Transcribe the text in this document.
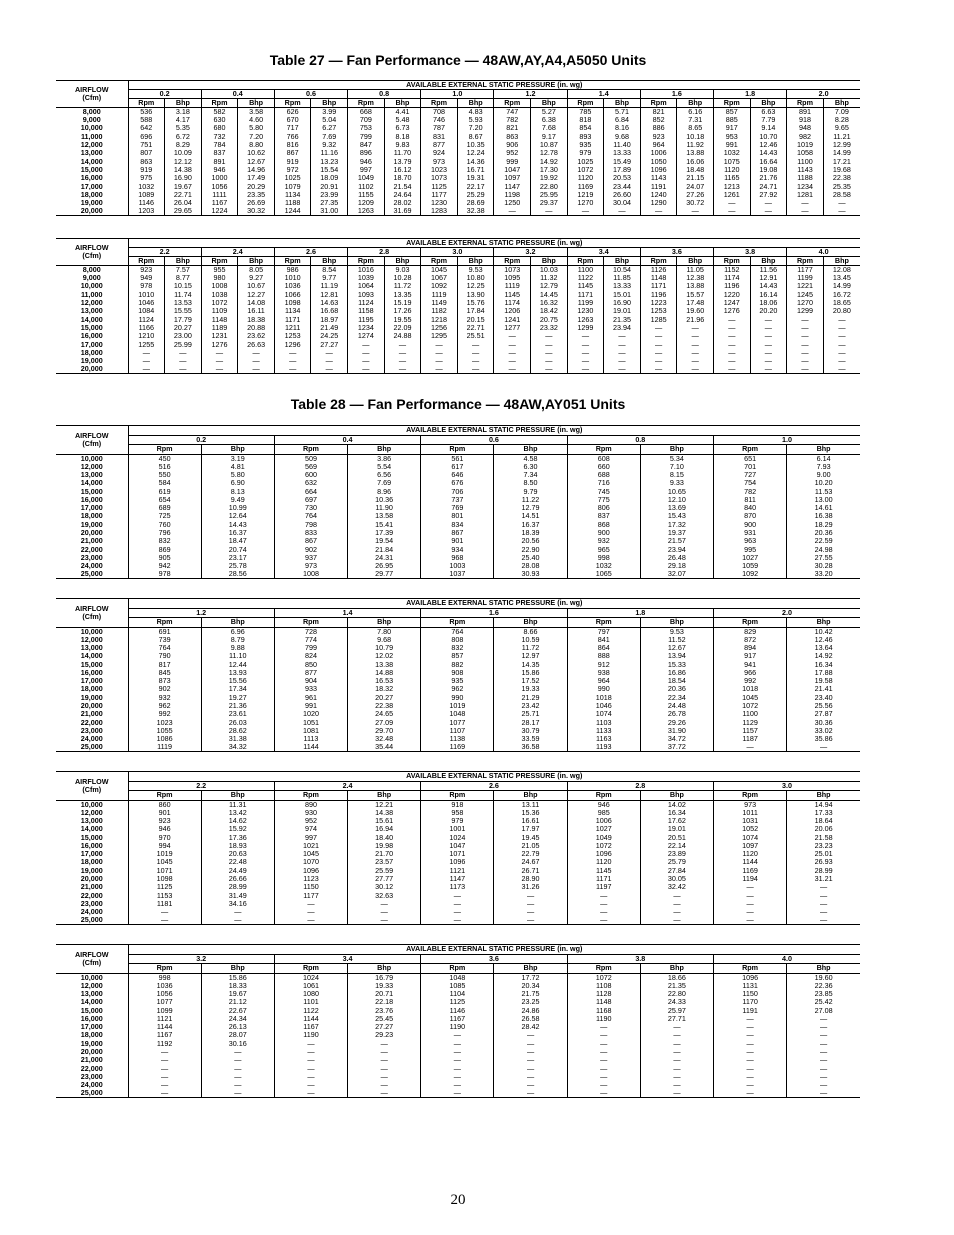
Table 27 — Fan Performance — 48AW,AY,A4,A5050 Units
AIRFLOW
(Cfm)	AVAILABLE EXTERNAL STATIC PRESSURE (in. wg)																			
	0.2		0.4		0.6		0.8		1.0		1.2		1.4		1.6		1.8		2.0	
	Rpm	Bhp	Rpm	Bhp	Rpm	Bhp	Rpm	Bhp	Rpm	Bhp	Rpm	Bhp	Rpm	Bhp	Rpm	Bhp	Rpm	Bhp	Rpm	Bhp
8,000	536	3.18	582	3.58	626	3.99	668	4.41	708	4.83	747	5.27	785	5.71	821	6.16	857	6.63	891	7.09
9,000	588	4.17	630	4.60	670	5.04	709	5.48	746	5.93	782	6.38	818	6.84	852	7.31	885	7.79	918	8.28
10,000	642	5.35	680	5.80	717	6.27	753	6.73	787	7.20	821	7.68	854	8.16	886	8.65	917	9.14	948	9.65
11,000	696	6.72	732	7.20	766	7.69	799	8.18	831	8.67	863	9.17	893	9.68	923	10.18	953	10.70	982	11.21
12,000	751	8.29	784	8.80	816	9.32	847	9.83	877	10.35	906	10.87	935	11.40	964	11.92	991	12.46	1019	12.99
13,000	807	10.09	837	10.62	867	11.16	896	11.70	924	12.24	952	12.78	979	13.33	1006	13.88	1032	14.43	1058	14.99
14,000	863	12.12	891	12.67	919	13.23	946	13.79	973	14.36	999	14.92	1025	15.49	1050	16.06	1075	16.64	1100	17.21
15,000	919	14.38	946	14.96	972	15.54	997	16.12	1023	16.71	1047	17.30	1072	17.89	1096	18.48	1120	19.08	1143	19.68
16,000	975	16.90	1000	17.49	1025	18.09	1049	18.70	1073	19.31	1097	19.92	1120	20.53	1143	21.15	1165	21.76	1188	22.38
17,000	1032	19.67	1056	20.29	1079	20.91	1102	21.54	1125	22.17	1147	22.80	1169	23.44	1191	24.07	1213	24.71	1234	25.35
18,000	1089	22.71	1111	23.35	1134	23.99	1155	24.64	1177	25.29	1198	25.95	1219	26.60	1240	27.26	1261	27.92	1281	28.58
19,000	1146	26.04	1167	26.69	1188	27.35	1209	28.02	1230	28.69	1250	29.37	1270	30.04	1290	30.72	—	—	—	—
20,000	1203	29.65	1224	30.32	1244	31.00	1263	31.69	1283	32.38	—	—	—	—	—	—	—	—	—	—
AIRFLOW
(Cfm)	AVAILABLE EXTERNAL STATIC PRESSURE (in. wg)																			
	2.2		2.4		2.6		2.8		3.0		3.2		3.4		3.6		3.8		4.0	
	Rpm	Bhp	Rpm	Bhp	Rpm	Bhp	Rpm	Bhp	Rpm	Bhp	Rpm	Bhp	Rpm	Bhp	Rpm	Bhp	Rpm	Bhp	Rpm	Bhp
8,000	923	7.57	955	8.05	986	8.54	1016	9.03	1045	9.53	1073	10.03	1100	10.54	1126	11.05	1152	11.56	1177	12.08
9,000	949	8.77	980	9.27	1010	9.77	1039	10.28	1067	10.80	1095	11.32	1122	11.85	1148	12.38	1174	12.91	1199	13.45
10,000	978	10.15	1008	10.67	1036	11.19	1064	11.72	1092	12.25	1119	12.79	1145	13.33	1171	13.88	1196	14.43	1221	14.99
11,000	1010	11.74	1038	12.27	1066	12.81	1093	13.35	1119	13.90	1145	14.45	1171	15.01	1196	15.57	1220	16.14	1245	16.72
12,000	1046	13.53	1072	14.08	1098	14.63	1124	15.19	1149	15.76	1174	16.32	1199	16.90	1223	17.48	1247	18.06	1270	18.65
13,000	1084	15.55	1109	16.11	1134	16.68	1158	17.26	1182	17.84	1206	18.42	1230	19.01	1253	19.60	1276	20.20	1299	20.80
14,000	1124	17.79	1148	18.38	1171	18.97	1195	19.55	1218	20.15	1241	20.75	1263	21.35	1285	21.96	—	—	—	—
15,000	1166	20.27	1189	20.88	1211	21.49	1234	22.09	1256	22.71	1277	23.32	1299	23.94	—	—	—	—	—	—
16,000	1210	23.00	1231	23.62	1253	24.25	1274	24.88	1295	25.51	—	—	—	—	—	—	—	—	—	—
17,000	1255	25.99	1276	26.63	1296	27.27	—	—	—	—	—	—	—	—	—	—	—	—	—	—
18,000	—	—	—	—	—	—	—	—	—	—	—	—	—	—	—	—	—	—	—	—
19,000	—	—	—	—	—	—	—	—	—	—	—	—	—	—	—	—	—	—	—	—
20,000	—	—	—	—	—	—	—	—	—	—	—	—	—	—	—	—	—	—	—	—
Table 28 — Fan Performance — 48AW,AY051 Units
AIRFLOW
(Cfm)	AVAILABLE EXTERNAL STATIC PRESSURE (in. wg)									
	0.2		0.4		0.6		0.8		1.0	
	Rpm	Bhp	Rpm	Bhp	Rpm	Bhp	Rpm	Bhp	Rpm	Bhp
10,000	450	3.19	509	3.86	561	4.58	608	5.34	651	6.14
12,000	516	4.81	569	5.54	617	6.30	660	7.10	701	7.93
13,000	550	5.80	600	6.56	646	7.34	688	8.15	727	9.00
14,000	584	6.90	632	7.69	676	8.50	716	9.33	754	10.20
15,000	619	8.13	664	8.96	706	9.79	745	10.65	782	11.53
16,000	654	9.49	697	10.36	737	11.22	775	12.10	811	13.00
17,000	689	10.99	730	11.90	769	12.79	806	13.69	840	14.61
18,000	725	12.64	764	13.58	801	14.51	837	15.43	870	16.38
19,000	760	14.43	798	15.41	834	16.37	868	17.32	900	18.29
20,000	796	16.37	833	17.39	867	18.39	900	19.37	931	20.36
21,000	832	18.47	867	19.54	901	20.56	932	21.57	963	22.59
22,000	869	20.74	902	21.84	934	22.90	965	23.94	995	24.98
23,000	905	23.17	937	24.31	968	25.40	998	26.48	1027	27.55
24,000	942	25.78	973	26.95	1003	28.08	1032	29.18	1059	30.28
25,000	978	28.56	1008	29.77	1037	30.93	1065	32.07	1092	33.20
AIRFLOW
(Cfm)	AVAILABLE EXTERNAL STATIC PRESSURE (in. wg)									
	1.2		1.4		1.6		1.8		2.0	
	Rpm	Bhp	Rpm	Bhp	Rpm	Bhp	Rpm	Bhp	Rpm	Bhp
10,000	691	6.96	728	7.80	764	8.66	797	9.53	829	10.42
12,000	739	8.79	774	9.68	808	10.59	841	11.52	872	12.46
13,000	764	9.88	799	10.79	832	11.72	864	12.67	894	13.64
14,000	790	11.10	824	12.02	857	12.97	888	13.94	917	14.92
15,000	817	12.44	850	13.38	882	14.35	912	15.33	941	16.34
16,000	845	13.93	877	14.88	908	15.86	938	16.86	966	17.88
17,000	873	15.56	904	16.53	935	17.52	964	18.54	992	19.58
18,000	902	17.34	933	18.32	962	19.33	990	20.36	1018	21.41
19,000	932	19.27	961	20.27	990	21.29	1018	22.34	1045	23.40
20,000	962	21.36	991	22.38	1019	23.42	1046	24.48	1072	25.56
21,000	992	23.61	1020	24.65	1048	25.71	1074	26.78	1100	27.87
22,000	1023	26.03	1051	27.09	1077	28.17	1103	29.26	1129	30.36
23,000	1055	28.62	1081	29.70	1107	30.79	1133	31.90	1157	33.02
24,000	1086	31.38	1113	32.48	1138	33.59	1163	34.72	1187	35.86
25,000	1119	34.32	1144	35.44	1169	36.58	1193	37.72	—	—
AIRFLOW
(Cfm)	AVAILABLE EXTERNAL STATIC PRESSURE (in. wg)									
	2.2		2.4		2.6		2.8		3.0	
	Rpm	Bhp	Rpm	Bhp	Rpm	Bhp	Rpm	Bhp	Rpm	Bhp
10,000	860	11.31	890	12.21	918	13.11	946	14.02	973	14.94
12,000	901	13.42	930	14.38	958	15.36	985	16.34	1011	17.33
13,000	923	14.62	952	15.61	979	16.61	1006	17.62	1031	18.64
14,000	946	15.92	974	16.94	1001	17.97	1027	19.01	1052	20.06
15,000	970	17.36	997	18.40	1024	19.45	1049	20.51	1074	21.58
16,000	994	18.93	1021	19.98	1047	21.05	1072	22.14	1097	23.23
17,000	1019	20.63	1045	21.70	1071	22.79	1096	23.89	1120	25.01
18,000	1045	22.48	1070	23.57	1096	24.67	1120	25.79	1144	26.93
19,000	1071	24.49	1096	25.59	1121	26.71	1145	27.84	1169	28.99
20,000	1098	26.66	1123	27.77	1147	28.90	1171	30.05	1194	31.21
21,000	1125	28.99	1150	30.12	1173	31.26	1197	32.42	—	—
22,000	1153	31.49	1177	32.63	—	—	—	—	—	—
23,000	1181	34.16	—	—	—	—	—	—	—	—
24,000	—	—	—	—	—	—	—	—	—	—
25,000	—	—	—	—	—	—	—	—	—	—
AIRFLOW
(Cfm)	AVAILABLE EXTERNAL STATIC PRESSURE (in. wg)									
	3.2		3.4		3.6		3.8		4.0	
	Rpm	Bhp	Rpm	Bhp	Rpm	Bhp	Rpm	Bhp	Rpm	Bhp
10,000	998	15.86	1024	16.79	1048	17.72	1072	18.66	1096	19.60
12,000	1036	18.33	1061	19.33	1085	20.34	1108	21.35	1131	22.36
13,000	1056	19.67	1080	20.71	1104	21.75	1128	22.80	1150	23.85
14,000	1077	21.12	1101	22.18	1125	23.25	1148	24.33	1170	25.42
15,000	1099	22.67	1122	23.76	1146	24.86	1168	25.97	1191	27.08
16,000	1121	24.34	1144	25.45	1167	26.58	1190	27.71	—	—
17,000	1144	26.13	1167	27.27	1190	28.42	—	—	—	—
18,000	1167	28.07	1190	29.23	—	—	—	—	—	—
19,000	1192	30.16	—	—	—	—	—	—	—	—
20,000	—	—	—	—	—	—	—	—	—	—
21,000	—	—	—	—	—	—	—	—	—	—
22,000	—	—	—	—	—	—	—	—	—	—
23,000	—	—	—	—	—	—	—	—	—	—
24,000	—	—	—	—	—	—	—	—	—	—
25,000	—	—	—	—	—	—	—	—	—	—
20
